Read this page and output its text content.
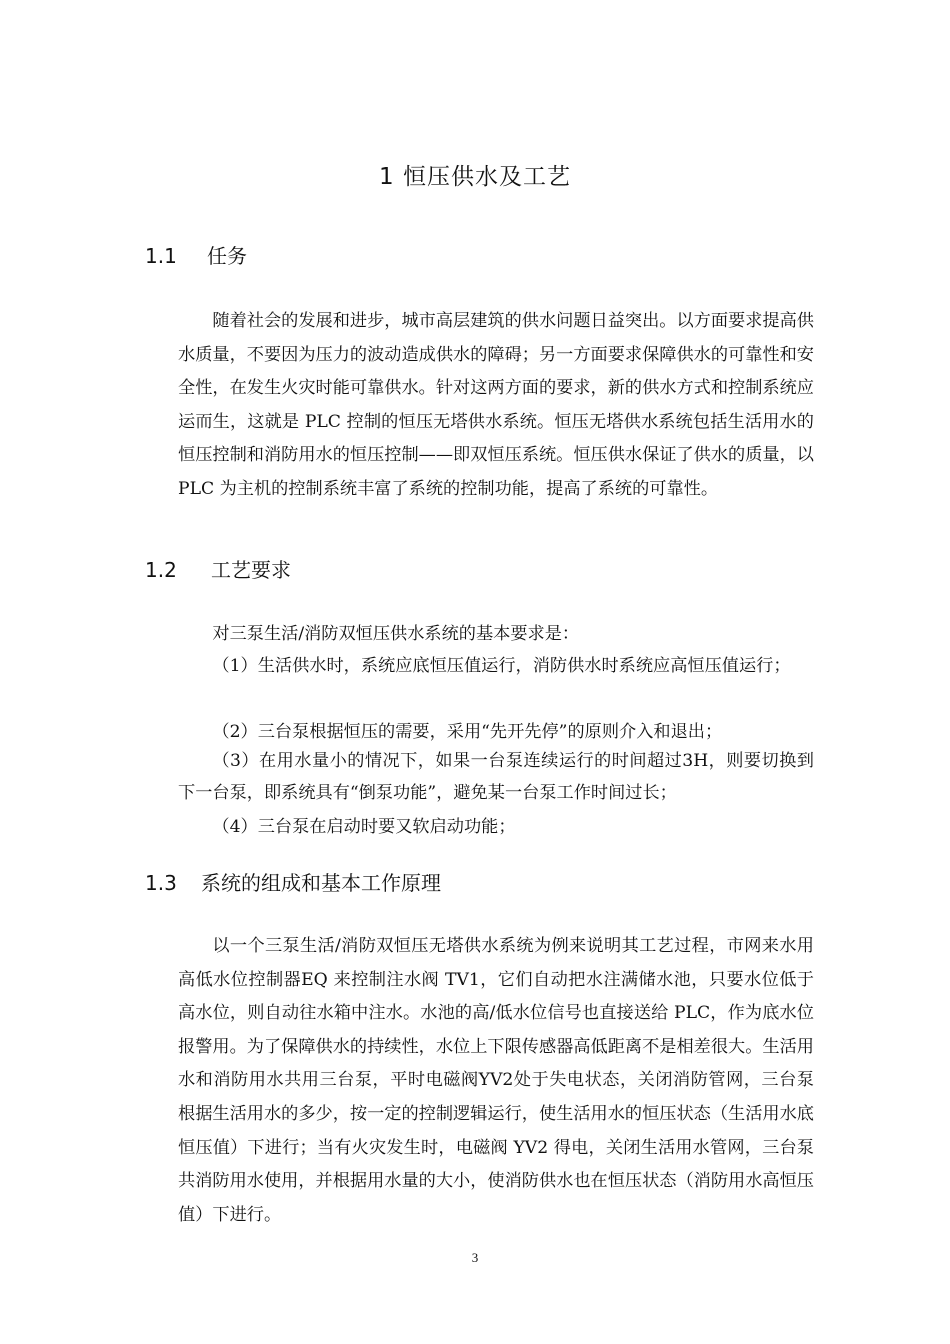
1 恒压供水及工艺
1.1 任务

随着社会的发展和进步，城市高层建筑的供水问题日益突出。以方面要求提高供水质量，不要因为压力的波动造成供水的障碍；另一方面要求保障供水的可靠性和安全性，在发生火灾时能可靠供水。针对这两方面的要求，新的供水方式和控制系统应运而生，这就是 PLC 控制的恒压无塔供水系统。恒压无塔供水系统包括生活用水的恒压控制和消防用水的恒压控制——即双恒压系统。恒压供水保证了供水的质量，以 PLC 为主机的控制系统丰富了系统的控制功能，提高了系统的可靠性。

1.2 工艺要求

对三泵生活/消防双恒压供水系统的基本要求是：

（1）生活供水时，系统应底恒压值运行，消防供水时系统应高恒压值运行；

（2）三台泵根据恒压的需要，采用“先开先停”的原则介入和退出；

（3）在用水量小的情况下，如果一台泵连续运行的时间超过3H，则要切换到下一台泵，即系统具有“倒泵功能”，避免某一台泵工作时间过长；

（4）三台泵在启动时要又软启动功能；

1.3 系统的组成和基本工作原理

以一个三泵生活/消防双恒压无塔供水系统为例来说明其工艺过程，市网来水用高低水位控制器EQ 来控制注水阀 TV1，它们自动把水注满储水池，只要水位低于高水位，则自动往水箱中注水。水池的高/低水位信号也直接送给 PLC，作为底水位报警用。为了保障供水的持续性，水位上下限传感器高低距离不是相差很大。生活用水和消防用水共用三台泵，平时电磁阀YV2处于失电状态，关闭消防管网，三台泵根据生活用水的多少，按一定的控制逻辑运行，使生活用水的恒压状态（生活用水底恒压值）下进行；当有火灾发生时，电磁阀 YV2 得电，关闭生活用水管网，三台泵共消防用水使用，并根据用水量的大小，使消防供水也在恒压状态（消防用水高恒压值）下进行。

3
